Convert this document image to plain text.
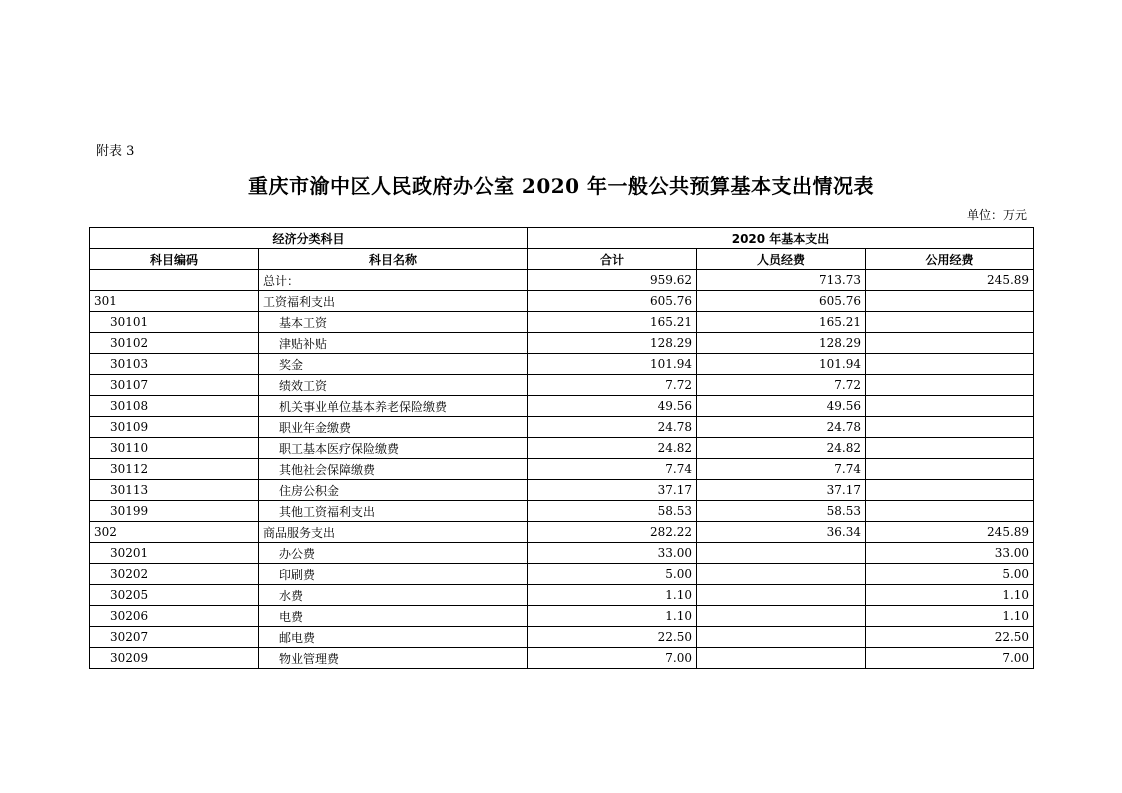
附表 3
重庆市渝中区人民政府办公室 2020 年一般公共预算基本支出情况表
单位：万元
经济分类科目		2020 年基本支出		
科目编码	科目名称	合计	人员经费	公用经费
	总计：	959.62	713.73	245.89
301	工资福利支出	605.76	605.76	
30101	基本工资	165.21	165.21	
30102	津贴补贴	128.29	128.29	
30103	奖金	101.94	101.94	
30107	绩效工资	7.72	7.72	
30108	机关事业单位基本养老保险缴费	49.56	49.56	
30109	职业年金缴费	24.78	24.78	
30110	职工基本医疗保险缴费	24.82	24.82	
30112	其他社会保障缴费	7.74	7.74	
30113	住房公积金	37.17	37.17	
30199	其他工资福利支出	58.53	58.53	
302	商品服务支出	282.22	36.34	245.89
30201	办公费	33.00		33.00
30202	印刷费	5.00		5.00
30205	水费	1.10		1.10
30206	电费	1.10		1.10
30207	邮电费	22.50		22.50
30209	物业管理费	7.00		7.00
